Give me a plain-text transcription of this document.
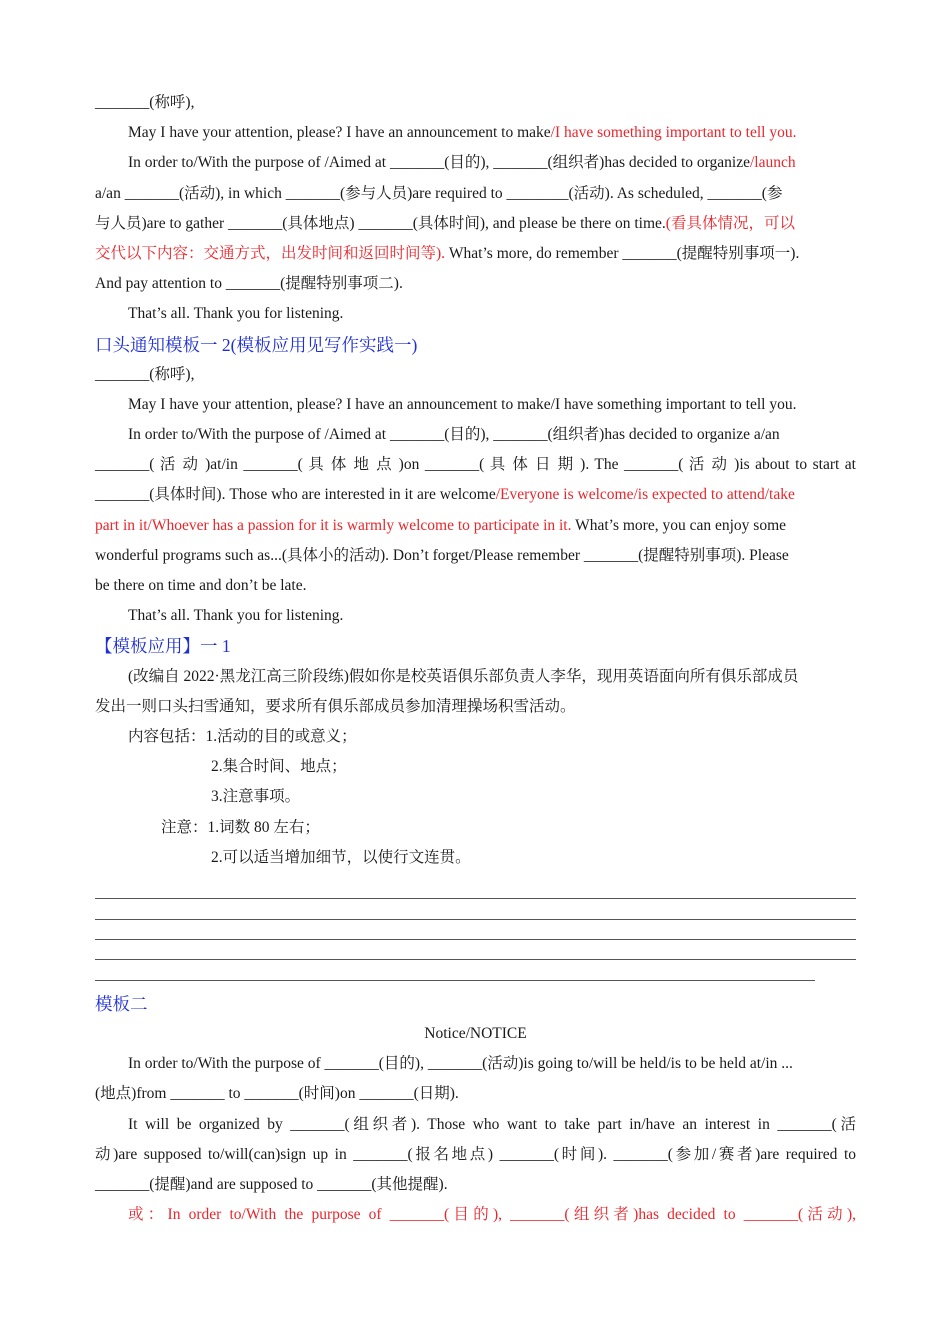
_______(称呼),
May I have your attention, please? I have an announcement to make/I have something important to tell you.
In order to/With the purpose of /Aimed at _______(目的), _______(组织者)has decided to organize/launch
a/an _______(活动), in which _______(参与人员)are required to ________(活动). As scheduled, _______(参
与人员)are to gather _______(具体地点) _______(具体时间), and please be there on time.(看具体情况，可以
交代以下内容：交通方式，出发时间和返回时间等). What’s more, do remember _______(提醒特别事项一).
And pay attention to _______(提醒特别事项二).
That’s all. Thank you for listening.
口头通知模板一 2(模板应用见写作实践一)
_______(称呼),
May I have your attention, please? I have an announcement to make/I have something important to tell you.
In order to/With the purpose of /Aimed at _______(目的), _______(组织者)has decided to organize a/an
_______( 活 动 )at/in _______( 具 体 地 点 )on _______( 具 体 日 期 ). The _______( 活 动 )is about to start at
_______(具体时间). Those who are interested in it are welcome/Everyone is welcome/is expected to attend/take
part in it/Whoever has a passion for it is warmly welcome to participate in it. What’s more, you can enjoy some
wonderful programs such as...(具体小的活动). Don’t forget/Please remember _______(提醒特别事项). Please
be there on time and don’t be late.
That’s all. Thank you for listening.
【模板应用】一 1
(改编自 2022·黑龙江高三阶段练)假如你是校英语俱乐部负责人李华，现用英语面向所有俱乐部成员
发出一则口头扫雪通知，要求所有俱乐部成员参加清理操场积雪活动。
内容包括：1.活动的目的或意义；
2.集合时间、地点；
3.注意事项。
注意：1.词数 80 左右；
2.可以适当增加细节，以使行文连贯。
模板二
Notice/NOTICE
In order to/With the purpose of _______(目的), _______(活动)is going to/will be held/is to be held at/in ...
(地点)from _______ to _______(时间)on _______(日期).
It will be organized by _______(组织者). Those who want to take part in/have an interest in _______(活
动)are supposed to/will(can)sign up in _______(报名地点) _______(时间). _______(参加/赛者)are required to
_______(提醒)and are supposed to _______(其他提醒).
或：In order to/With the purpose of _______(目的), _______(组织者)has decided to _______(活动),
